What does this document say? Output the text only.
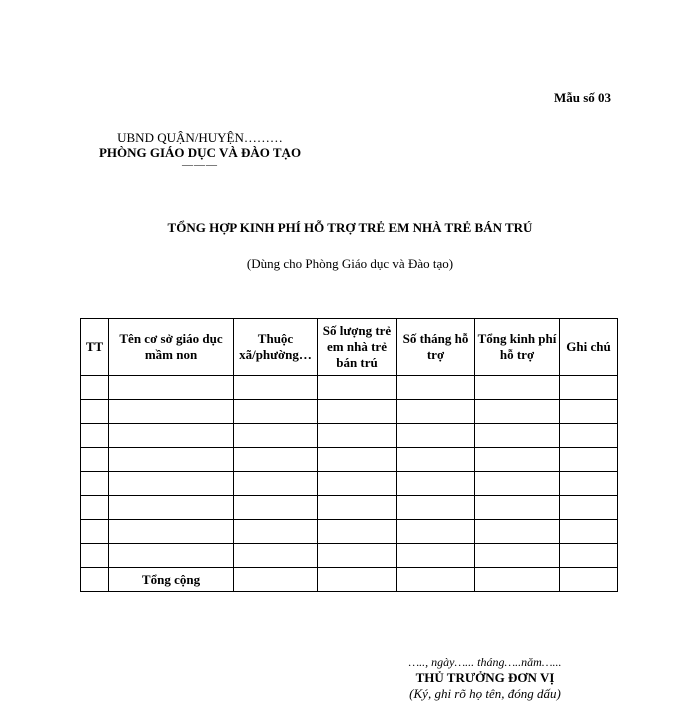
Mẫu số 03
UBND QUẬN/HUYỆN………
PHÒNG GIÁO DỤC VÀ ĐÀO TẠO
―――
TỔNG HỢP KINH PHÍ HỖ TRỢ TRẺ EM NHÀ TRẺ BÁN TRÚ
(Dùng cho Phòng Giáo dục và Đào tạo)
TT	Tên cơ sở giáo dục mầm non	Thuộc xã/phường…	Số lượng trẻ em nhà trẻ bán trú	Số tháng hỗ trợ	Tổng kinh phí hỗ trợ	Ghi chú

	Tổng cộng					
….., ngày…... tháng…..năm…...
THỦ TRƯỞNG ĐƠN VỊ
(Ký, ghi rõ họ tên, đóng dấu)
